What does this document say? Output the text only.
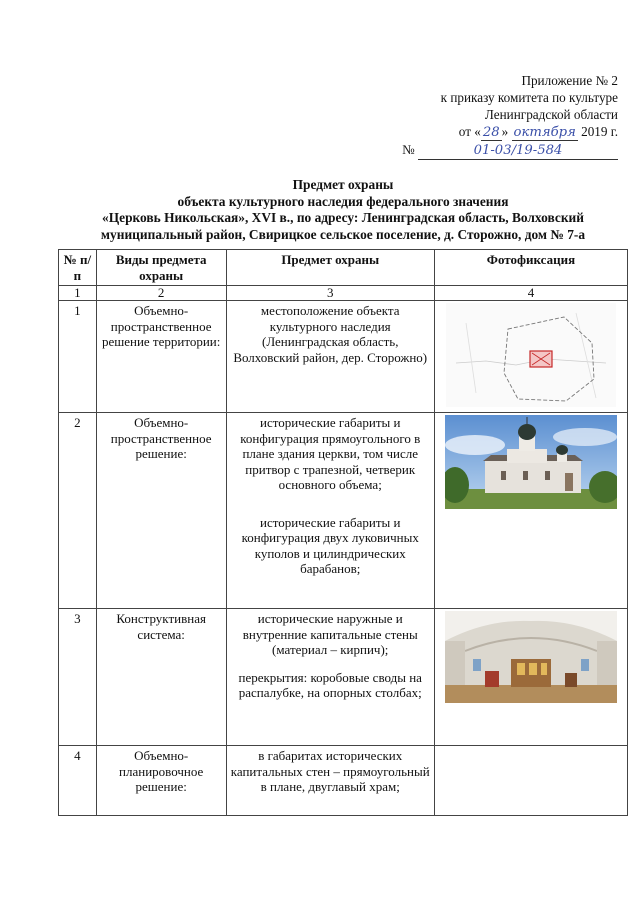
Приложение № 2
к приказу комитета по культуре
Ленинградской области
от « 28 » октября 2019 г.
№	01-03/19-584
Предмет охраны
объекта культурного наследия федерального значения
«Церковь Никольская», XVI в., по адресу: Ленинградская область, Волховский
муниципальный район, Свирицкое сельское поселение, д. Сторожно, дом № 7-а
№ п/п	Виды предмета охраны	Предмет охраны	Фотофиксация
1	2	3	4
1	Объемно-пространственное решение территории:	местоположение объекта культурного наследия (Ленинградская область, Волховский район, дер. Сторожно)	

2	Объемно-пространственное решение:	исторические габариты и конфигурация прямоугольного в плане здания церкви, том числе притвор с трапезной, четверик основного объема;
исторические габариты и конфигурация двух луковичных куполов и цилиндрических барабанов;

3	Конструктивная система:	исторические наружные и внутренние капитальные стены (материал – кирпич);
перекрытия: коробовые своды на распалубке, на опорных столбах;

4	Объемно-планировочное решение:	в габаритах исторических капитальных стен – прямоугольный в плане, двуглавый храм;	
